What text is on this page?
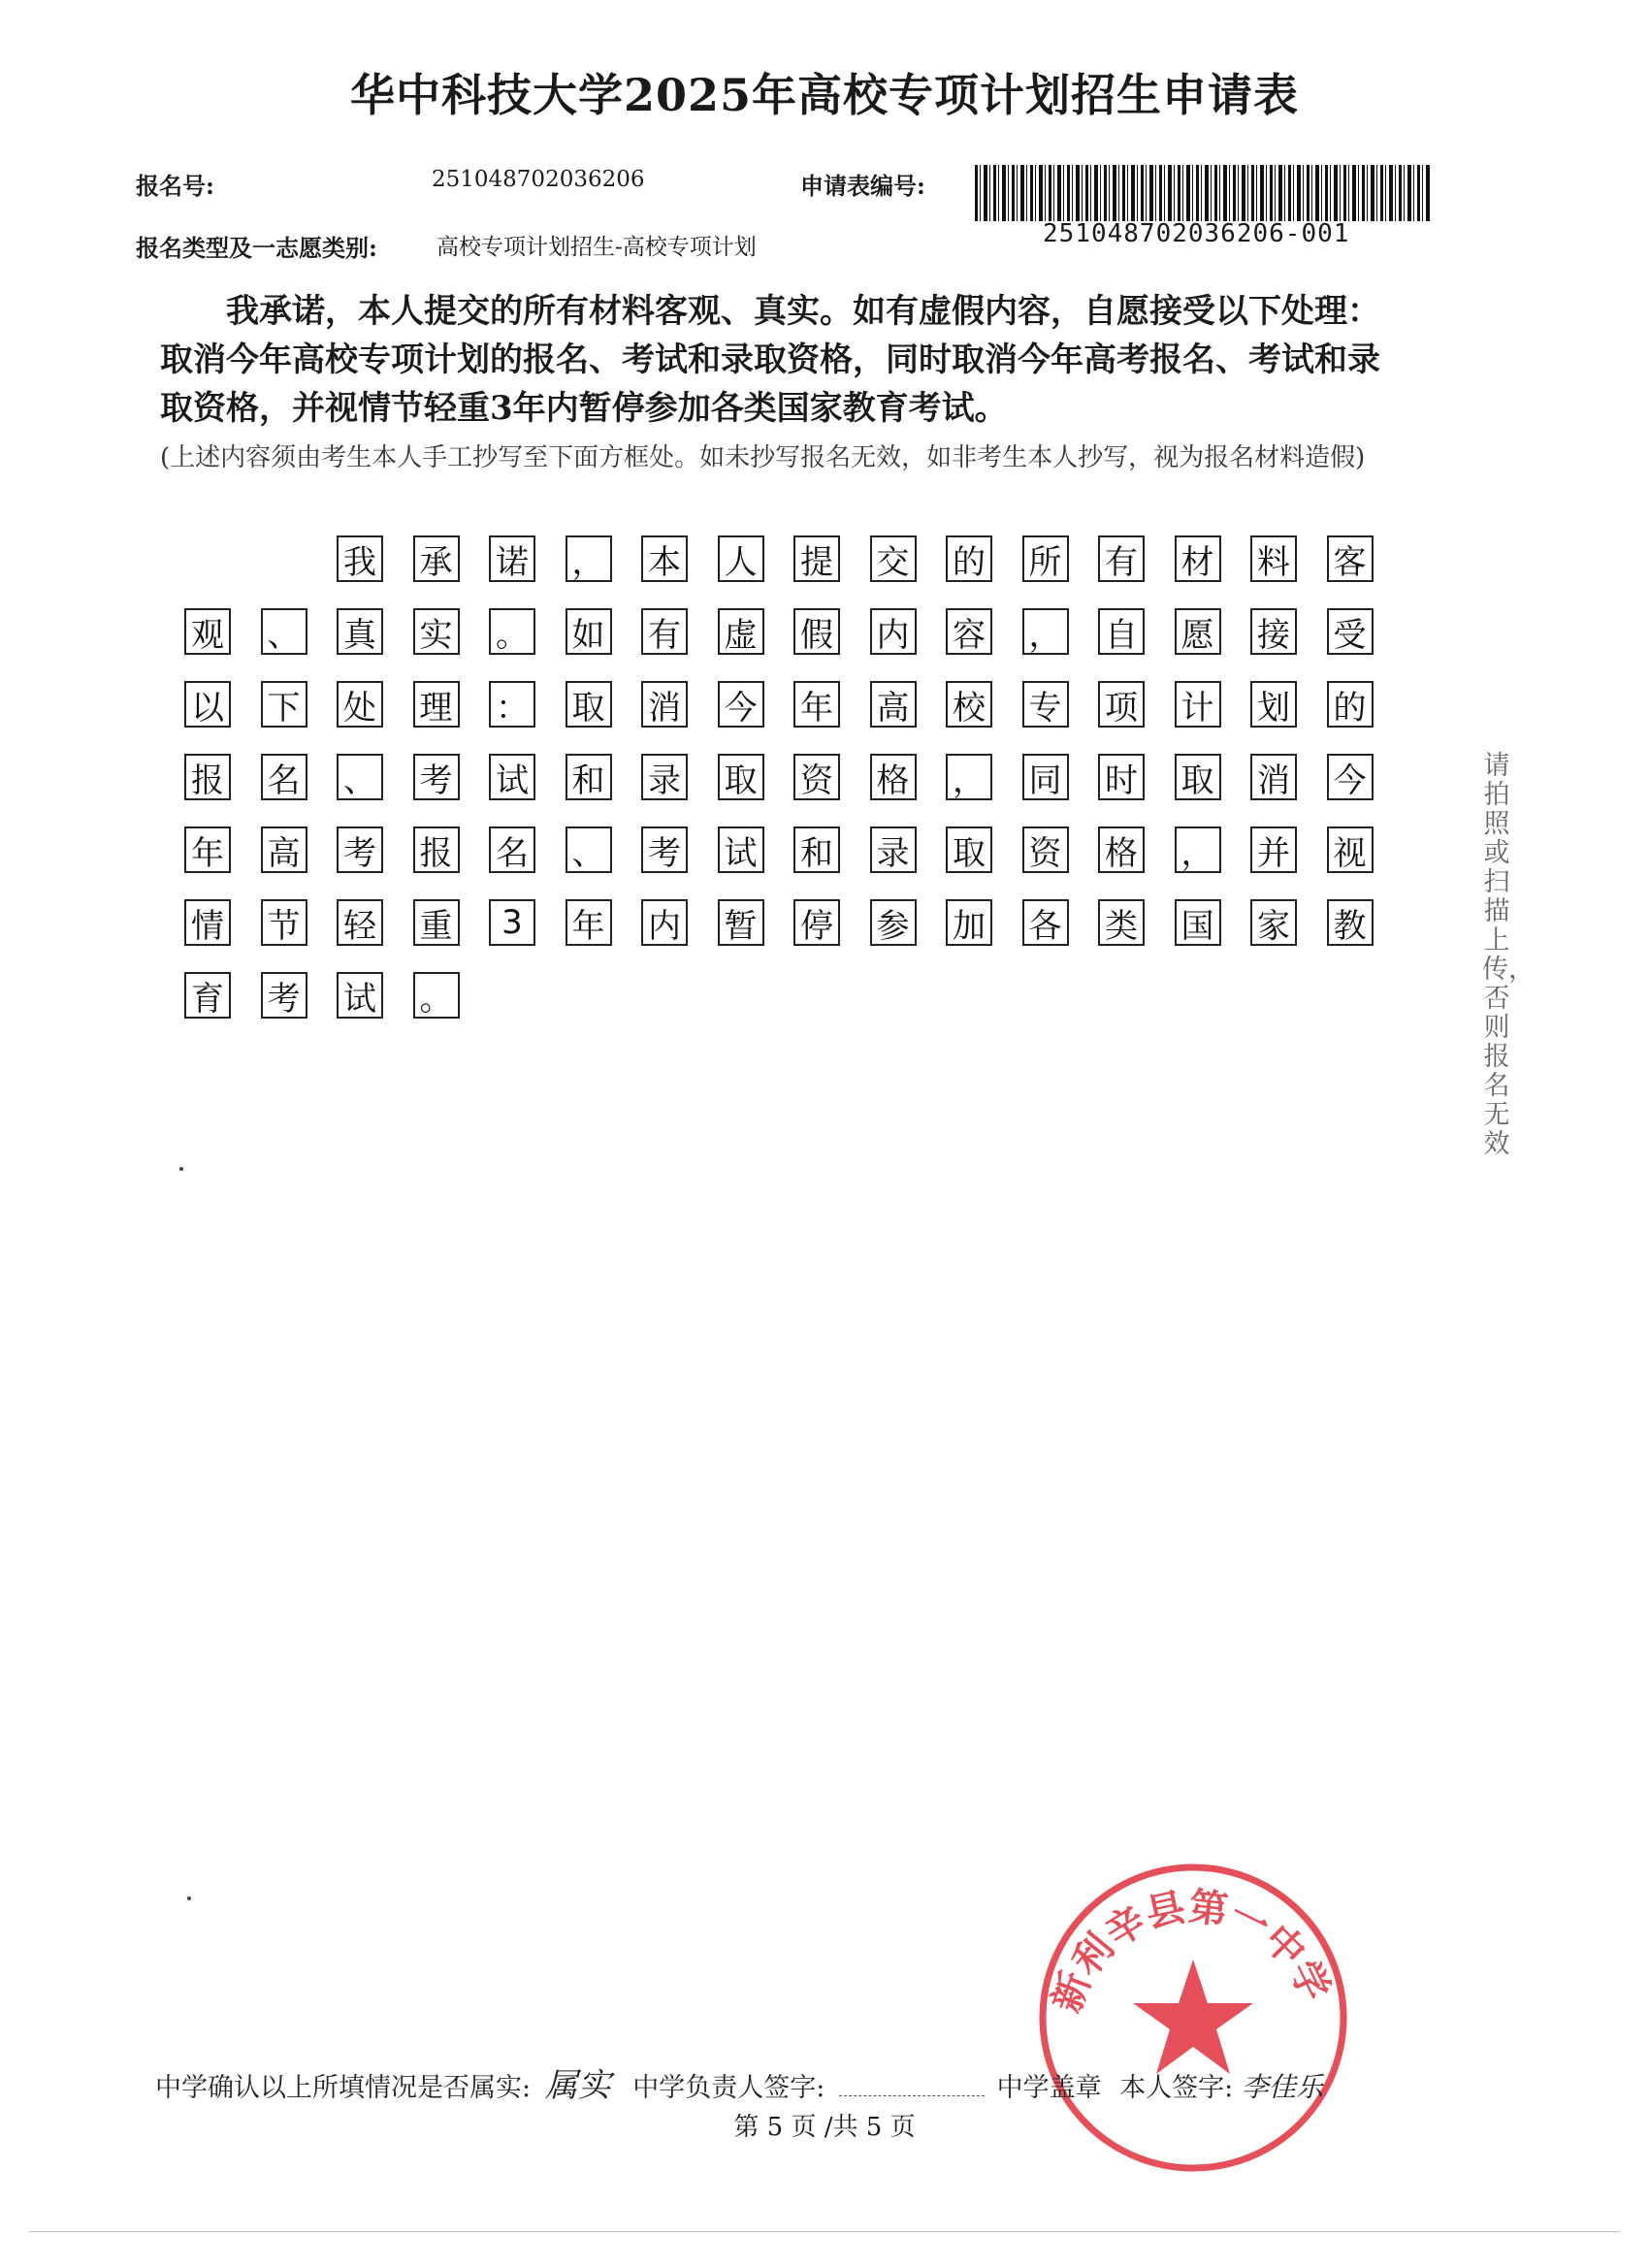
华中科技大学2025年高校专项计划招生申请表
报名号:	251048702036206	申请表编号:
251048702036206-001
报名类型及一志愿类别:	高校专项计划招生-高校专项计划
我承诺，本人提交的所有材料客观、真实。如有虚假内容，自愿接受以下处理：取消今年高校专项计划的报名、考试和录取资格，同时取消今年高考报名、考试和录取资格，并视情节轻重3年内暂停参加各类国家教育考试。
(上述内容须由考生本人手工抄写至下面方框处。如未抄写报名无效，如非考生本人抄写，视为报名材料造假)
我 承 诺 ， 本 人 提 交 的 所 有 材 料 客
观 、 真 实 。 如 有 虚 假 内 容 ， 自 愿 接 受
以 下 处 理 ： 取 消 今 年 高 校 专 项 计 划 的
报 名 、 考 试 和 录 取 资 格 ， 同 时 取 消 今
年 高 考 报 名 、 考 试 和 录 取 资 格 ， 并 视
情 节 轻 重	3	年 内 暂 停 参 加 各 类 国 家 教
育 考 试 。
请拍照或扫描上传，否则报名无效
新利辛县第一中学
中学确认以上所填情况是否属实: 属实 中学负责人签字:	中学盖章 本人签字: 李佳乐
第 5 页 /共 5 页
